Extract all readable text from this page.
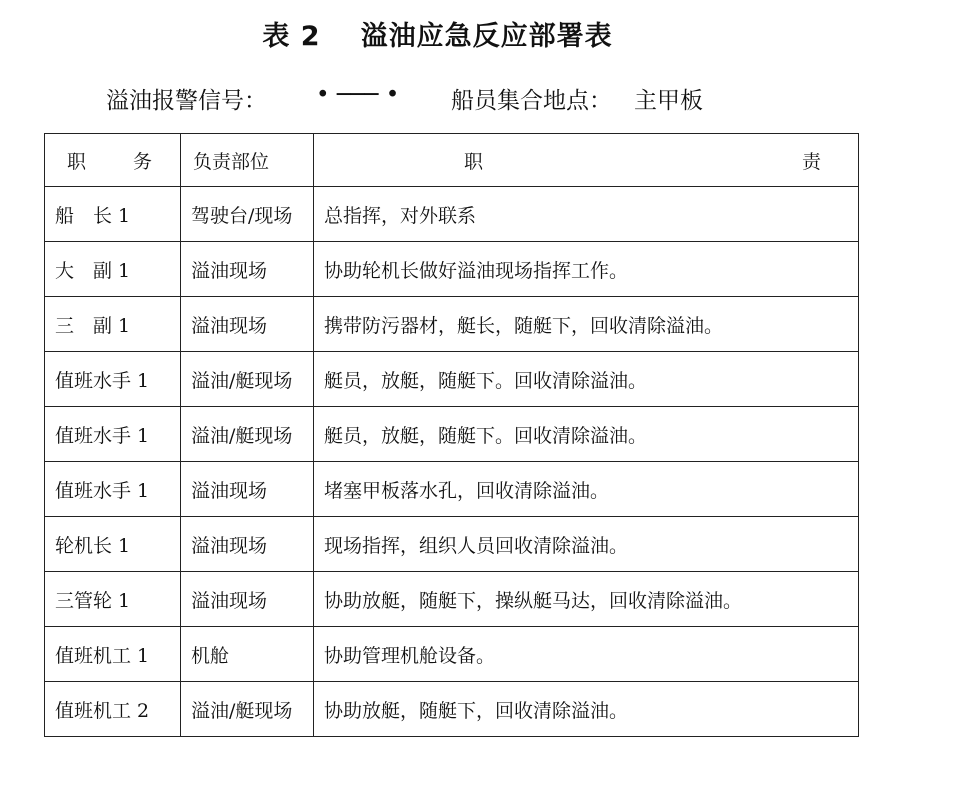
表 2 溢油应急反应部署表
溢油报警信号： • ─── • 船员集合地点： 主甲板
职　务	负责部位	职　责
船　长 1	驾驶台/现场	总指挥，对外联系
大　副 1	溢油现场	协助轮机长做好溢油现场指挥工作。
三　副 1	溢油现场	携带防污器材，艇长，随艇下，回收清除溢油。
值班水手 1	溢油/艇现场	艇员，放艇，随艇下。回收清除溢油。
值班水手 1	溢油/艇现场	艇员，放艇，随艇下。回收清除溢油。
值班水手 1	溢油现场	堵塞甲板落水孔，回收清除溢油。
轮机长 1	溢油现场	现场指挥，组织人员回收清除溢油。
三管轮 1	溢油现场	协助放艇，随艇下，操纵艇马达，回收清除溢油。
值班机工 1	机舱	协助管理机舱设备。
值班机工 2	溢油/艇现场	协助放艇，随艇下，回收清除溢油。
